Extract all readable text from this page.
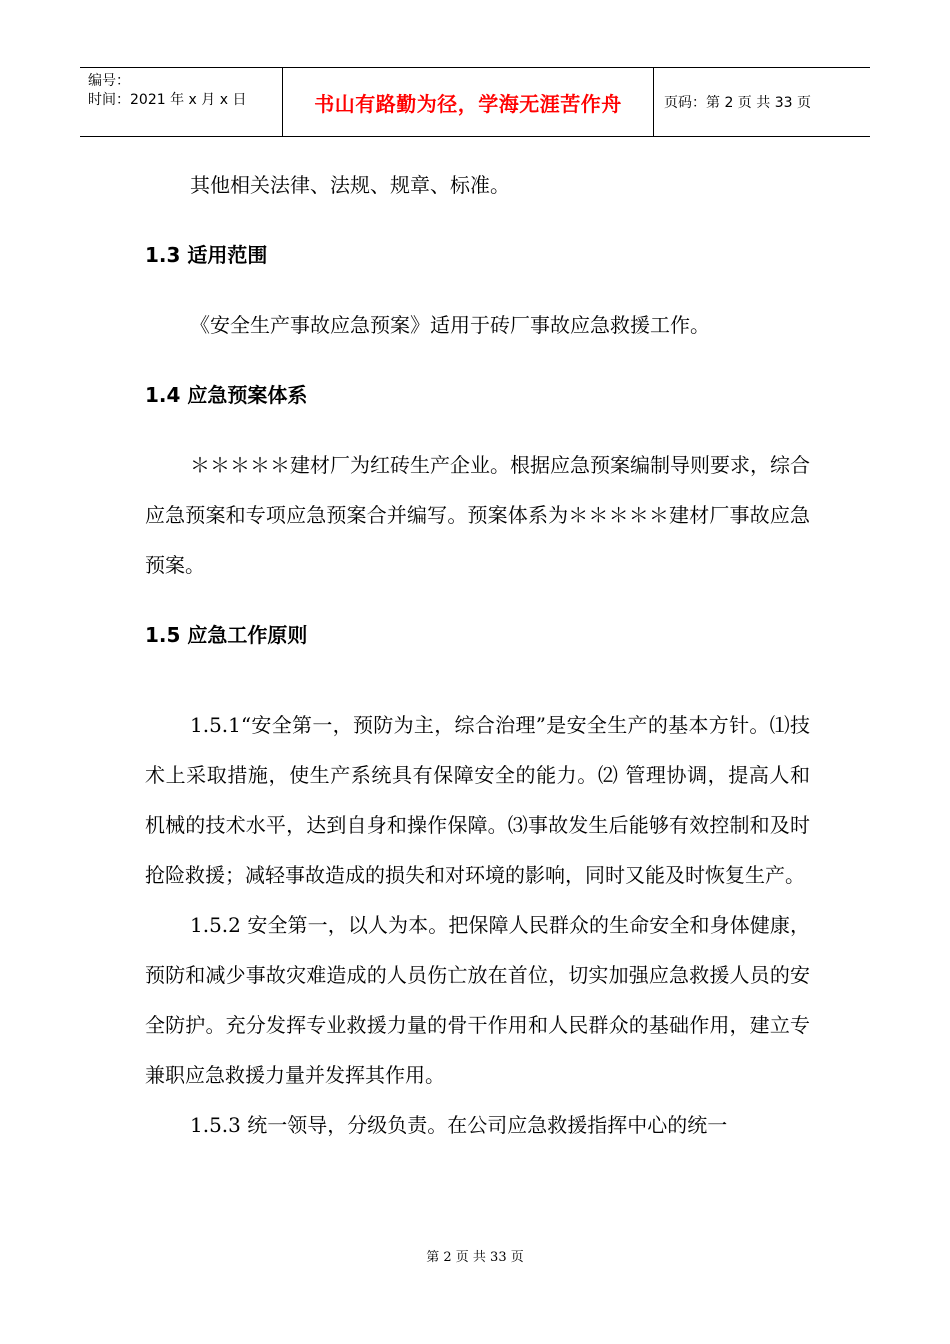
编号：
时间：2021 年 x 月 x 日	书山有路勤为径，学海无涯苦作舟	页码：第 2 页 共 33 页

其他相关法律、法规、规章、标准。

1.3 适用范围

《安全生产事故应急预案》适用于砖厂事故应急救援工作。

1.4 应急预案体系

＊＊＊＊＊建材厂为红砖生产企业。根据应急预案编制导则要求，综合应急预案和专项应急预案合并编写。预案体系为＊＊＊＊＊建材厂事故应急预案。

1.5 应急工作原则

1.5.1“安全第一，预防为主，综合治理”是安全生产的基本方针。⑴技术上采取措施，使生产系统具有保障安全的能力。⑵ 管理协调，提高人和机械的技术水平，达到自身和操作保障。⑶事故发生后能够有效控制和及时抢险救援；减轻事故造成的损失和对环境的影响，同时又能及时恢复生产。

1.5.2 安全第一，以人为本。把保障人民群众的生命安全和身体健康，预防和减少事故灾难造成的人员伤亡放在首位，切实加强应急救援人员的安全防护。充分发挥专业救援力量的骨干作用和人民群众的基础作用，建立专兼职应急救援力量并发挥其作用。

1.5.3 统一领导，分级负责。在公司应急救援指挥中心的统一

第 2 页 共 33 页
